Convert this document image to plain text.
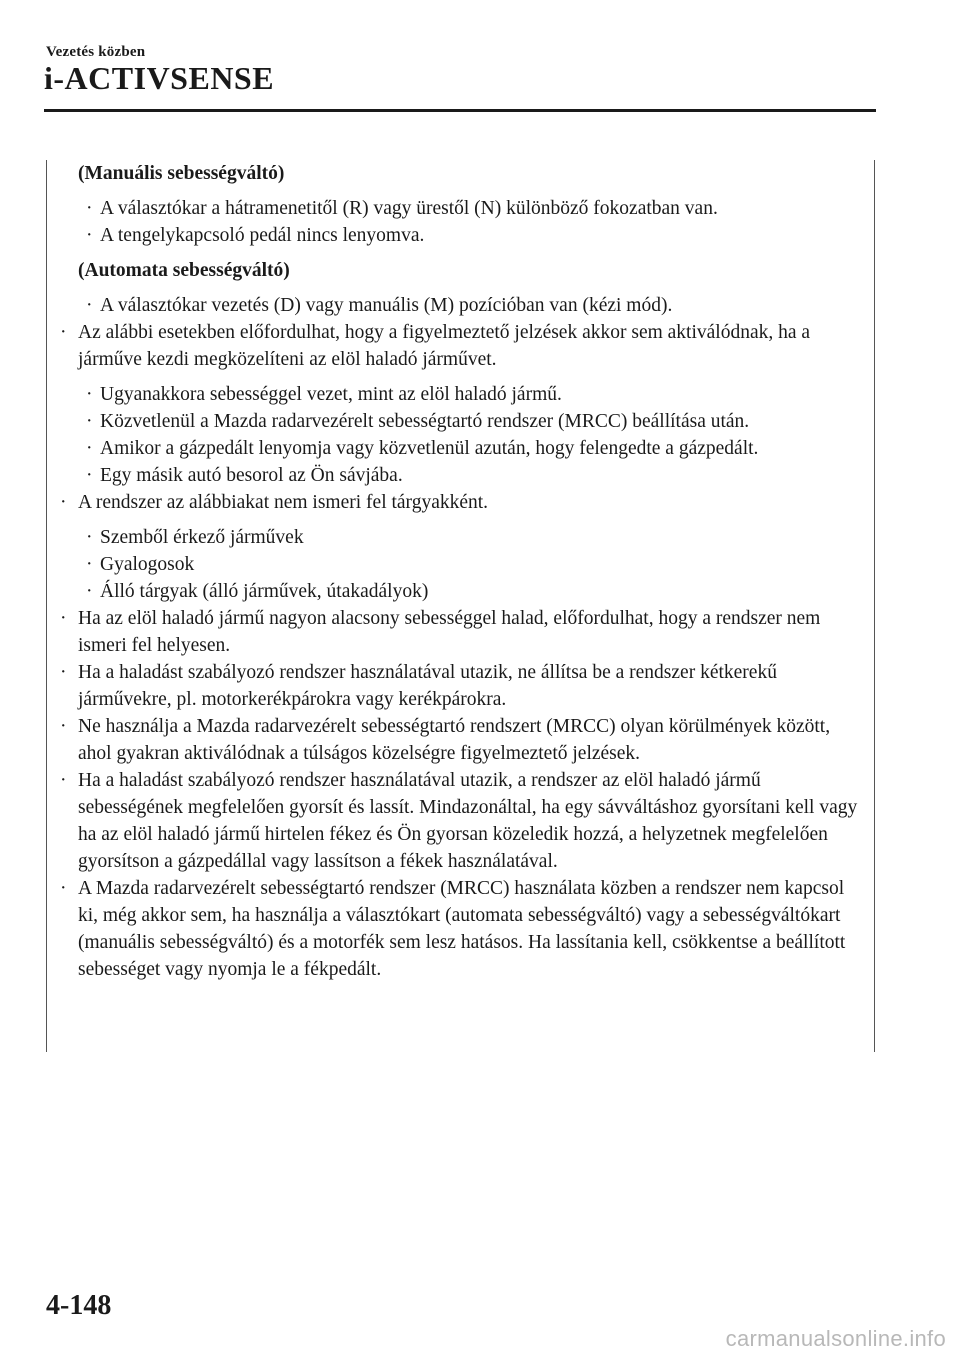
Vezetés közben
i-ACTIVSENSE
(Manuális sebességváltó)
· A választókar a hátramenetitől (R) vagy ürestől (N) különböző fokozatban van.
· A tengelykapcsoló pedál nincs lenyomva.
(Automata sebességváltó)
· A választókar vezetés (D) vagy manuális (M) pozícióban van (kézi mód).
· Az alábbi esetekben előfordulhat, hogy a figyelmeztető jelzések akkor sem aktiválódnak, ha a járműve kezdi megközelíteni az elöl haladó járművet.
· Ugyanakkora sebességgel vezet, mint az elöl haladó jármű.
· Közvetlenül a Mazda radarvezérelt sebességtartó rendszer (MRCC) beállítása után.
· Amikor a gázpedált lenyomja vagy közvetlenül azután, hogy felengedte a gázpedált.
· Egy másik autó besorol az Ön sávjába.
· A rendszer az alábbiakat nem ismeri fel tárgyakként.
· Szemből érkező járművek
· Gyalogosok
· Álló tárgyak (álló járművek, útakadályok)
· Ha az elöl haladó jármű nagyon alacsony sebességgel halad, előfordulhat, hogy a rendszer nem ismeri fel helyesen.
· Ha a haladást szabályozó rendszer használatával utazik, ne állítsa be a rendszer kétkerekű járművekre, pl. motorkerékpárokra vagy kerékpárokra.
· Ne használja a Mazda radarvezérelt sebességtartó rendszert (MRCC) olyan körülmények között, ahol gyakran aktiválódnak a túlságos közelségre figyelmeztető jelzések.
· Ha a haladást szabályozó rendszer használatával utazik, a rendszer az elöl haladó jármű sebességének megfelelően gyorsít és lassít. Mindazonáltal, ha egy sávváltáshoz gyorsítani kell vagy ha az elöl haladó jármű hirtelen fékez és Ön gyorsan közeledik hozzá, a helyzetnek megfelelően gyorsítson a gázpedállal vagy lassítson a fékek használatával.
· A Mazda radarvezérelt sebességtartó rendszer (MRCC) használata közben a rendszer nem kapcsol ki, még akkor sem, ha használja a választókart (automata sebességváltó) vagy a sebességváltókart (manuális sebességváltó) és a motorfék sem lesz hatásos. Ha lassítania kell, csökkentse a beállított sebességet vagy nyomja le a fékpedált.
4-148
carmanualsonline.info
